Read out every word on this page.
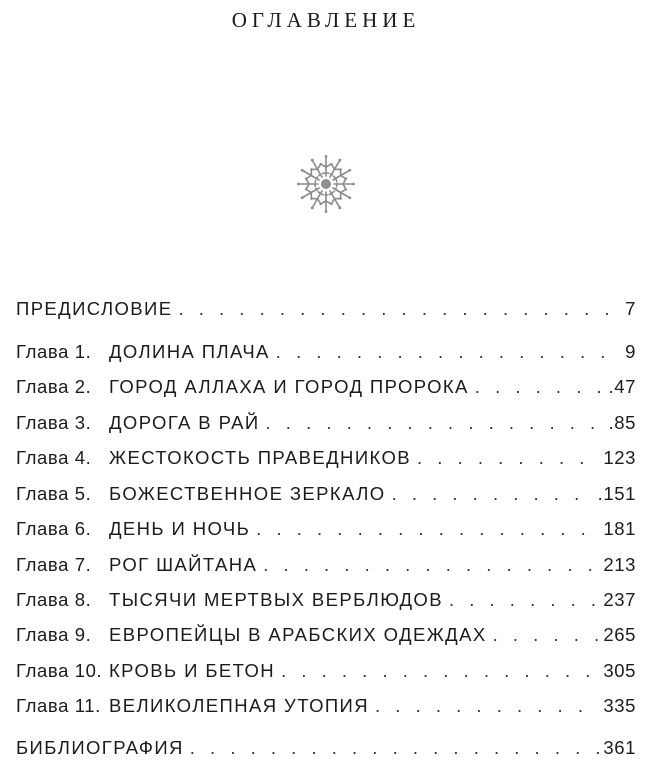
ОГЛАВЛЕНИЕ
ПРЕДИСЛОВИЕ . . .	7
Глава 1. ДОЛИНА ПЛАЧА . . .	9
Глава 2. ГОРОД АЛЛАХА И ГОРОД ПРОРОКА . . .	.47
Глава 3. ДОРОГА В РАЙ . . .	.85
Глава 4. ЖЕСТОКОСТЬ ПРАВЕДНИКОВ . . .	123
Глава 5. БОЖЕСТВЕННОЕ ЗЕРКАЛО . . .	.151
Глава 6. ДЕНЬ И НОЧЬ . . .	181
Глава 7. РОГ ШАЙТАНА . . .	213
Глава 8. ТЫСЯЧИ МЕРТВЫХ ВЕРБЛЮДОВ . . .	237
Глава 9. ЕВРОПЕЙЦЫ В АРАБСКИХ ОДЕЖДАХ . . .	265
Глава 10. КРОВЬ И БЕТОН . . .	305
Глава 11. ВЕЛИКОЛЕПНАЯ УТОПИЯ . . .	335
БИБЛИОГРАФИЯ . . .	361
